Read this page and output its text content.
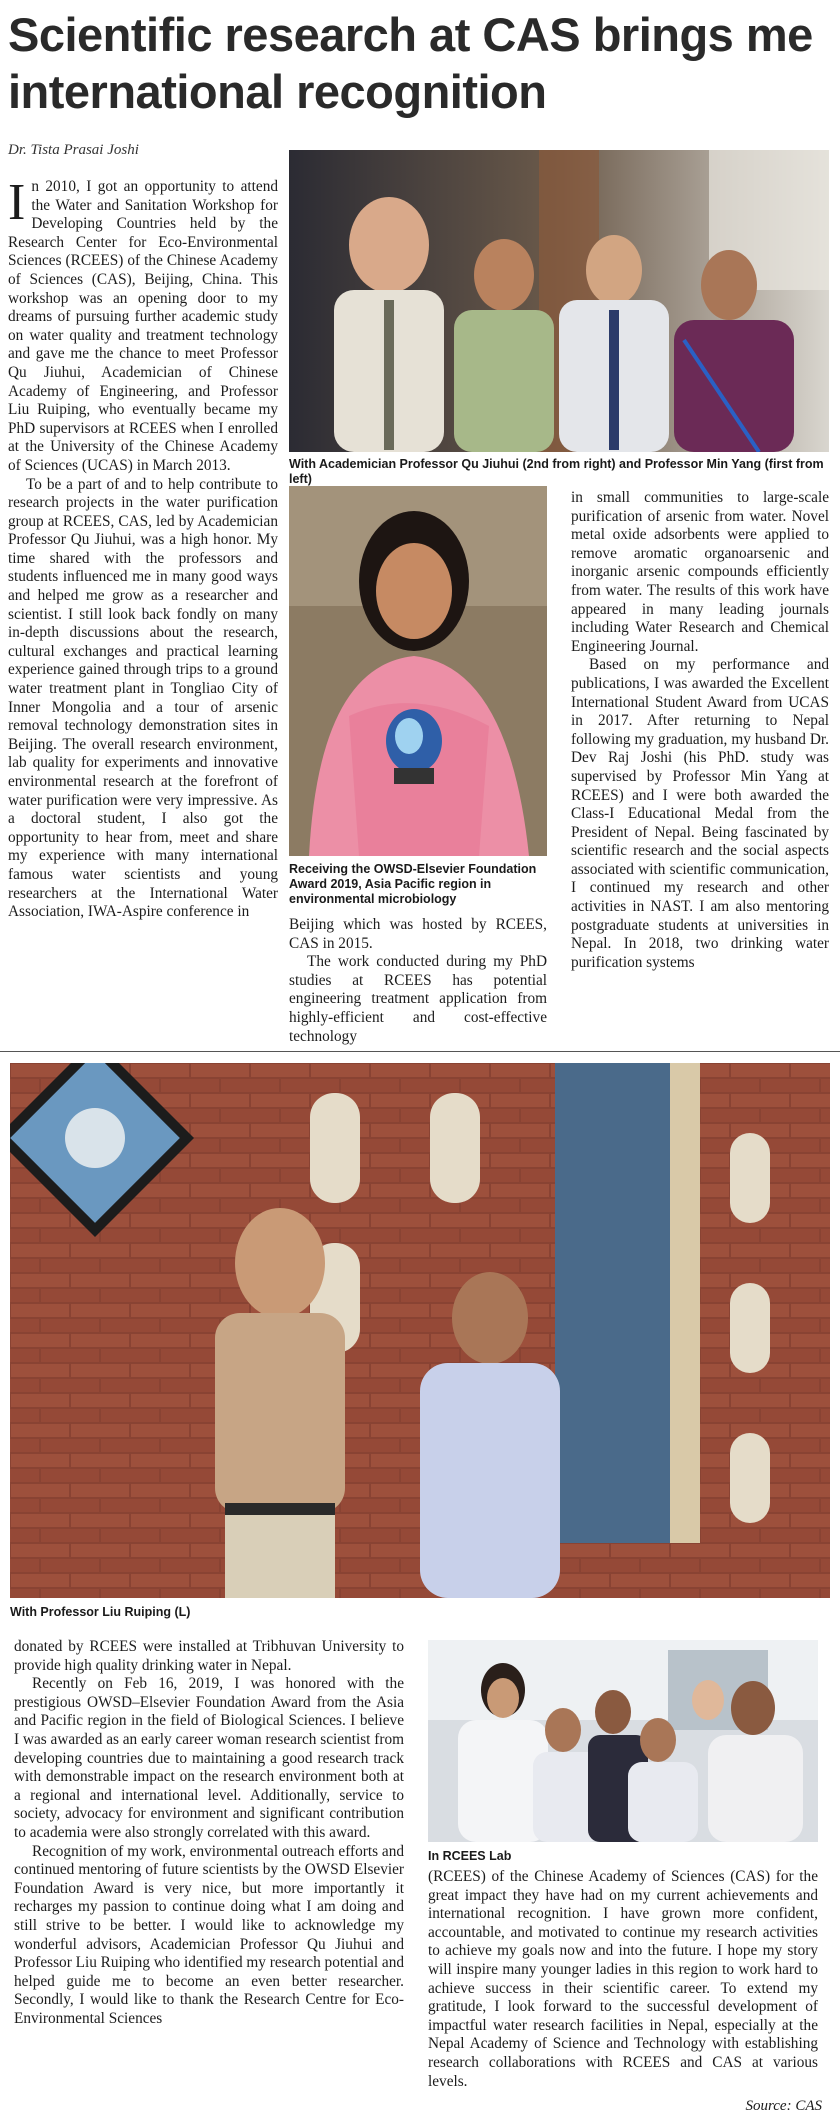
Scientific research at CAS brings me international recognition
Dr. Tista Prasai Joshi

In 2010, I got an opportunity to attend the Water and Sanitation Workshop for Developing Countries held by the Research Center for Eco-Environmental Sciences (RCEES) of the Chinese Academy of Sciences (CAS), Beijing, China. This workshop was an opening door to my dreams of pursuing further academic study on water quality and treatment technology and gave me the chance to meet Professor Qu Jiuhui, Academician of Chinese Academy of Engineering, and Professor Liu Ruiping, who eventually became my PhD supervisors at RCEES when I enrolled at the University of the Chinese Academy of Sciences (UCAS) in March 2013.

To be a part of and to help contribute to research projects in the water purification group at RCEES, CAS, led by Academician Professor Qu Jiuhui, was a high honor. My time shared with the professors and students influenced me in many good ways and helped me grow as a researcher and scientist. I still look back fondly on many in-depth discussions about the research, cultural exchanges and practical learning experience gained through trips to a ground water treatment plant in Tongliao City of Inner Mongolia and a tour of arsenic removal technology demonstration sites in Beijing. The overall research environment, lab quality for experiments and innovative environmental research at the forefront of water purification were very impressive. As a doctoral student, I also got the opportunity to hear from, meet and share my experience with many international famous water scientists and young researchers at the International Water Association, IWA-Aspire conference in

With Academician Professor Qu Jiuhui (2nd from right) and Professor Min Yang (first from left)
Receiving the OWSD-Elsevier Foundation Award 2019, Asia Pacific region in environmental microbiology

Beijing which was hosted by RCEES, CAS in 2015.

The work conducted during my PhD studies at RCEES has potential engineering treatment application from highly-efficient and cost-effective technology

in small communities to large-scale purification of arsenic from water. Novel metal oxide adsorbents were applied to remove aromatic organoarsenic and inorganic arsenic compounds efficiently from water. The results of this work have appeared in many leading journals including Water Research and Chemical Engineering Journal.

Based on my performance and publications, I was awarded the Excellent International Student Award from UCAS in 2017. After returning to Nepal following my graduation, my husband Dr. Dev Raj Joshi (his PhD. study was supervised by Professor Min Yang at RCEES) and I were both awarded the Class-I Educational Medal from the President of Nepal. Being fascinated by scientific research and the social aspects associated with scientific communication, I continued my research and other activities in NAST. I am also mentoring postgraduate students at universities in Nepal. In 2018, two drinking water purification systems

With Professor Liu Ruiping (L)

donated by RCEES were installed at Tribhuvan University to provide high quality drinking water in Nepal.

Recently on Feb 16, 2019, I was honored with the prestigious OWSD–Elsevier Foundation Award from the Asia and Pacific region in the field of Biological Sciences. I believe I was awarded as an early career woman research scientist from developing countries due to maintaining a good research track with demonstrable impact on the research environment both at a regional and international level. Additionally, service to society, advocacy for environment and significant contribution to academia were also strongly correlated with this award.

Recognition of my work, environmental outreach efforts and continued mentoring of future scientists by the OWSD Elsevier Foundation Award is very nice, but more importantly it recharges my passion to continue doing what I am doing and still strive to be better. I would like to acknowledge my wonderful advisors, Academician Professor Qu Jiuhui and Professor Liu Ruiping who identified my research potential and helped guide me to become an even better researcher. Secondly, I would like to thank the Research Centre for Eco-Environmental Sciences

In RCEES Lab

(RCEES) of the Chinese Academy of Sciences (CAS) for the great impact they have had on my current achievements and international recognition. I have grown more confident, accountable, and motivated to continue my research activities to achieve my goals now and into the future. I hope my story will inspire many younger ladies in this region to work hard to achieve success in their scientific career. To extend my gratitude, I look forward to the successful development of impactful water research facilities in Nepal, especially at the Nepal Academy of Science and Technology with establishing research collaborations with RCEES and CAS at various levels.

Source: CAS
